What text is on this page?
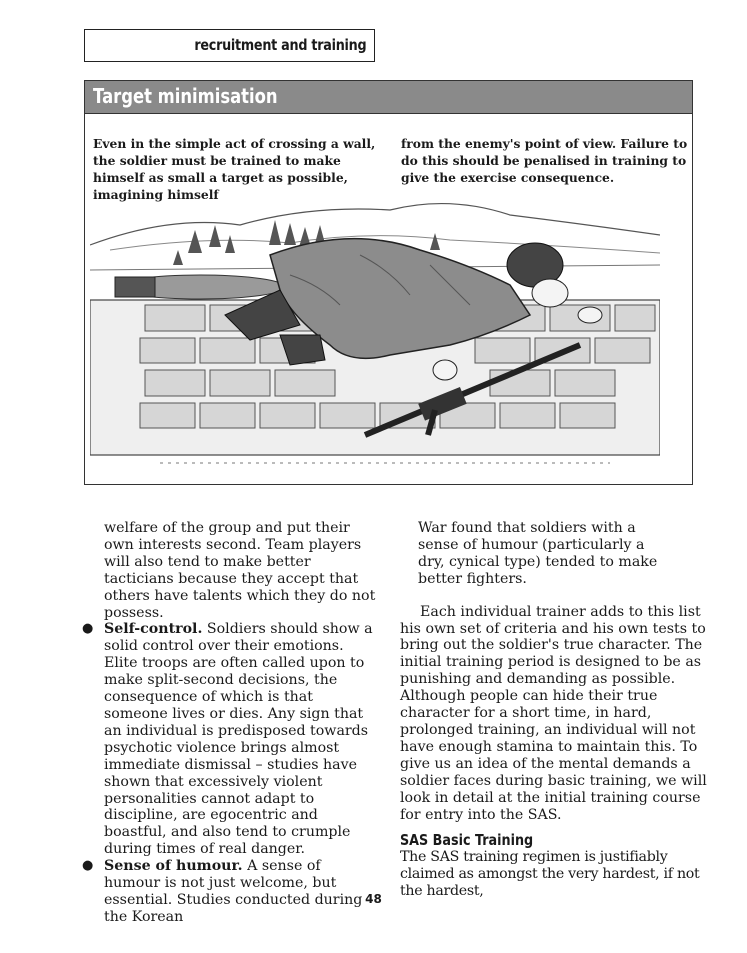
recruitment and training
Target minimisation
Even in the simple act of crossing a wall, the soldier must be trained to make himself as small a target as possible, imagining himself
from the enemy's point of view. Failure to do this should be penalised in training to give the exercise consequence.

welfare of the group and put their own interests second. Team players will also tend to make better tacticians because they accept that others have talents which they do not possess.

● Self-control. Soldiers should show a solid control over their emotions. Elite troops are often called upon to make split-second decisions, the consequence of which is that someone lives or dies. Any sign that an individual is predisposed towards psychotic violence brings almost immediate dismissal – studies have shown that excessively violent personalities cannot adapt to discipline, are egocentric and boastful, and also tend to crumple during times of real danger.

● Sense of humour. A sense of humour is not just welcome, but essential. Studies conducted during the Korean

War found that soldiers with a sense of humour (particularly a dry, cynical type) tended to make better fighters.

Each individual trainer adds to this list his own set of criteria and his own tests to bring out the soldier's true character. The initial training period is designed to be as punishing and demanding as possible. Although people can hide their true character for a short time, in hard, prolonged training, an individual will not have enough stamina to maintain this. To give us an idea of the mental demands a soldier faces during basic training, we will look in detail at the initial training course for entry into the SAS.

SAS Basic Training

The SAS training regimen is justifiably claimed as amongst the very hardest, if not the hardest,

48
